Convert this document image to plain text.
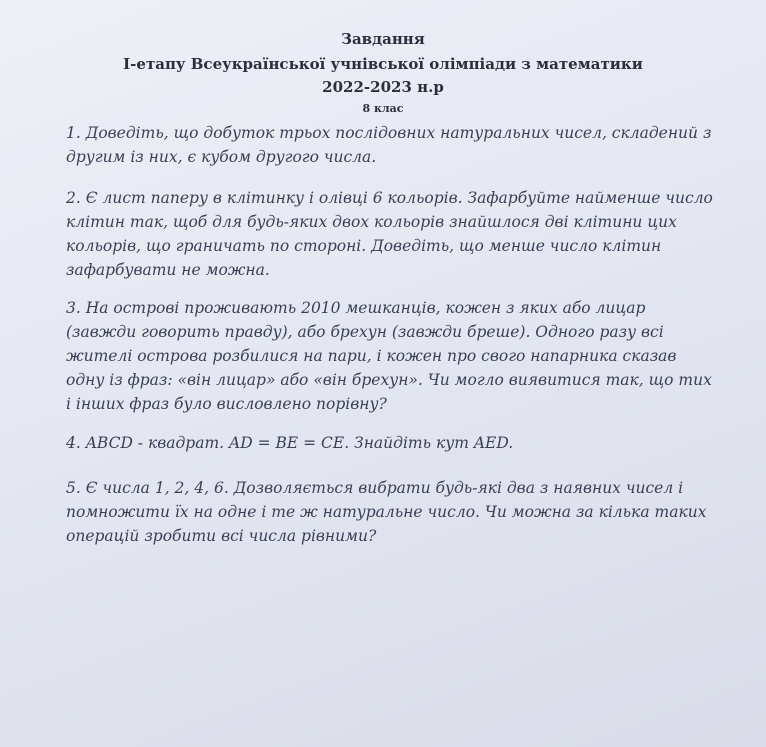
Завдання
І-етапу Всеукраїнської учнівської олімпіади з математики
2022-2023 н.р
8 клас

1. Доведіть, що добуток трьох послідовних натуральних чисел, складений з другим із них, є кубом другого числа.

2. Є лист паперу в клітинку і олівці 6 кольорів. Зафарбуйте найменше число клітин так, щоб для будь-яких двох кольорів знайшлося дві клітини цих кольорів, що граничать по стороні. Доведіть, що менше число клітин зафарбувати не можна.

3. На острові проживають 2010 мешканців, кожен з яких або лицар (завжди говорить правду), або брехун (завжди бреше). Одного разу всі жителі острова розбилися на пари, і кожен про свого напарника сказав одну із фраз: «він лицар» або «він брехун». Чи могло виявитися так, що тих і інших фраз було висловлено порівну?

4. ABCD - квадрат. AD = BE = CE. Знайдіть кут AED.

5. Є числа 1, 2, 4, 6. Дозволяється вибрати будь-які два з наявних чисел і помножити їх на одне і те ж натуральне число. Чи можна за кілька таких операцій зробити всі числа рівними?
